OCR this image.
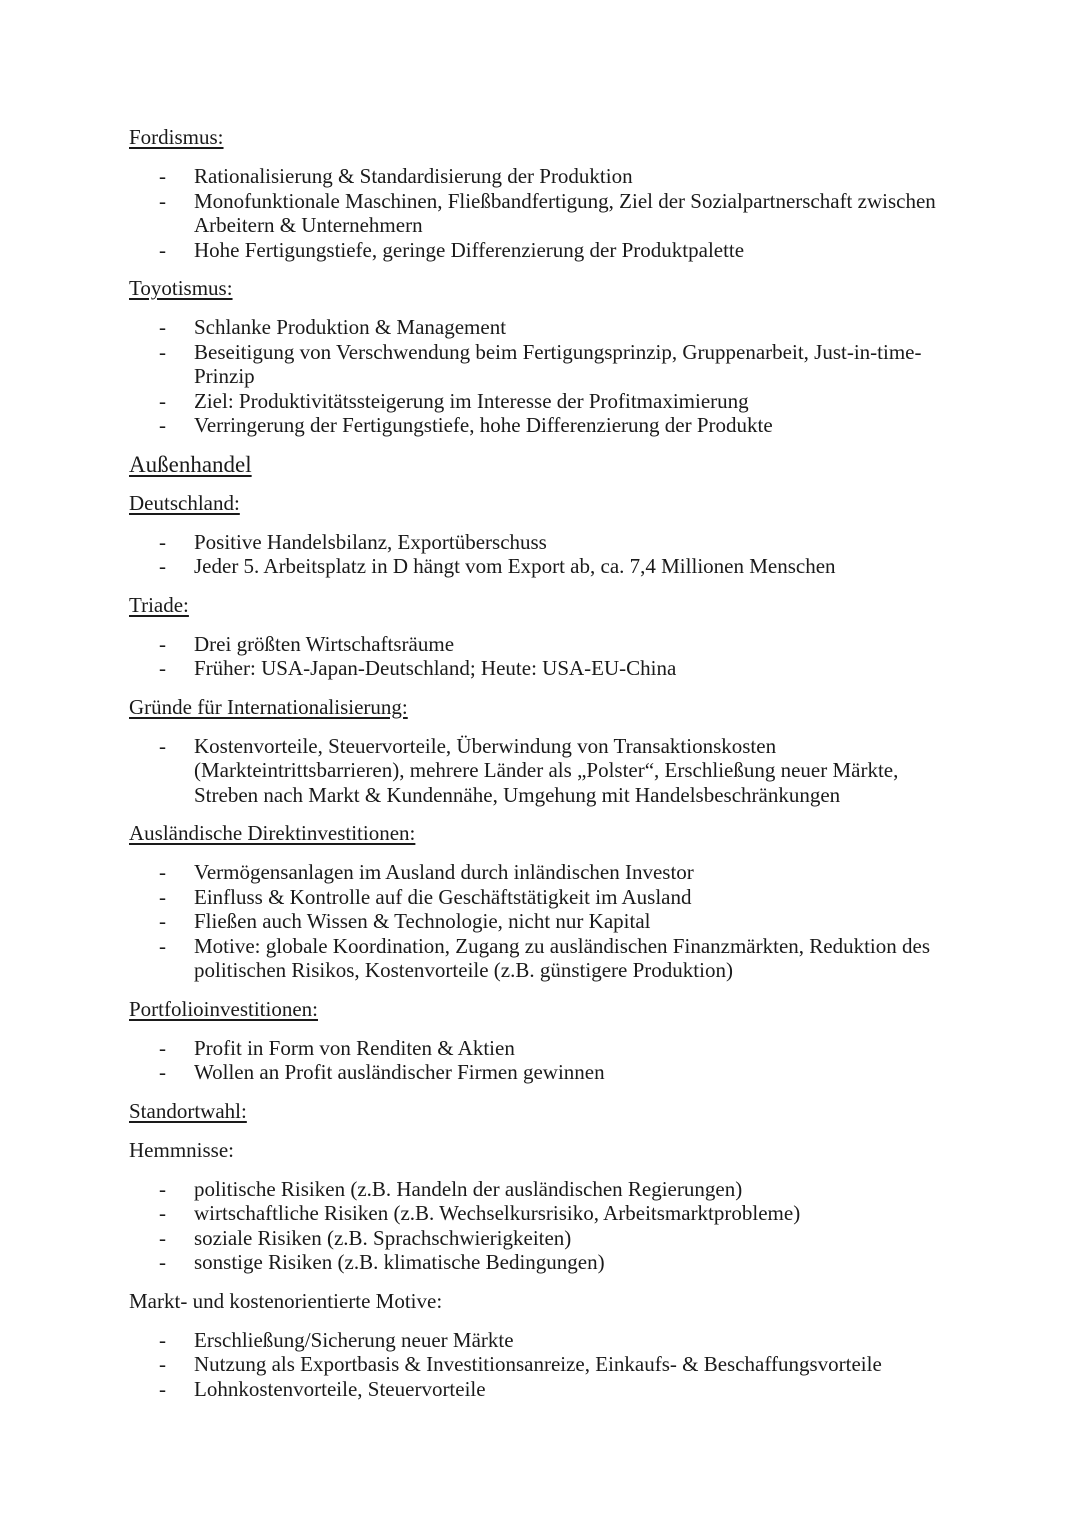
Fordismus:
- Rationalisierung & Standardisierung der Produktion
- Monofunktionale Maschinen, Fließbandfertigung, Ziel der Sozialpartnerschaft zwischen Arbeitern & Unternehmern
- Hohe Fertigungstiefe, geringe Differenzierung der Produktpalette
Toyotismus:
- Schlanke Produktion & Management
- Beseitigung von Verschwendung beim Fertigungsprinzip, Gruppenarbeit, Just-in-time-Prinzip
- Ziel: Produktivitätssteigerung im Interesse der Profitmaximierung
- Verringerung der Fertigungstiefe, hohe Differenzierung der Produkte
Außenhandel
Deutschland:
- Positive Handelsbilanz, Exportüberschuss
- Jeder 5. Arbeitsplatz in D hängt vom Export ab, ca. 7,4 Millionen Menschen
Triade:
- Drei größten Wirtschaftsräume
- Früher: USA-Japan-Deutschland; Heute: USA-EU-China
Gründe für Internationalisierung:
- Kostenvorteile, Steuervorteile, Überwindung von Transaktionskosten (Markteintrittsbarrieren), mehrere Länder als „Polster“, Erschließung neuer Märkte, Streben nach Markt & Kundennähe, Umgehung mit Handelsbeschränkungen
Ausländische Direktinvestitionen:
- Vermögensanlagen im Ausland durch inländischen Investor
- Einfluss & Kontrolle auf die Geschäftstätigkeit im Ausland
- Fließen auch Wissen & Technologie, nicht nur Kapital
- Motive: globale Koordination, Zugang zu ausländischen Finanzmärkten, Reduktion des politischen Risikos, Kostenvorteile (z.B. günstigere Produktion)
Portfolioinvestitionen:
- Profit in Form von Renditen & Aktien
- Wollen an Profit ausländischer Firmen gewinnen
Standortwahl:
Hemmnisse:
- politische Risiken (z.B. Handeln der ausländischen Regierungen)
- wirtschaftliche Risiken (z.B. Wechselkursrisiko, Arbeitsmarktprobleme)
- soziale Risiken (z.B. Sprachschwierigkeiten)
- sonstige Risiken (z.B. klimatische Bedingungen)
Markt- und kostenorientierte Motive:
- Erschließung/Sicherung neuer Märkte
- Nutzung als Exportbasis & Investitionsanreize, Einkaufs- & Beschaffungsvorteile
- Lohnkostenvorteile, Steuervorteile
